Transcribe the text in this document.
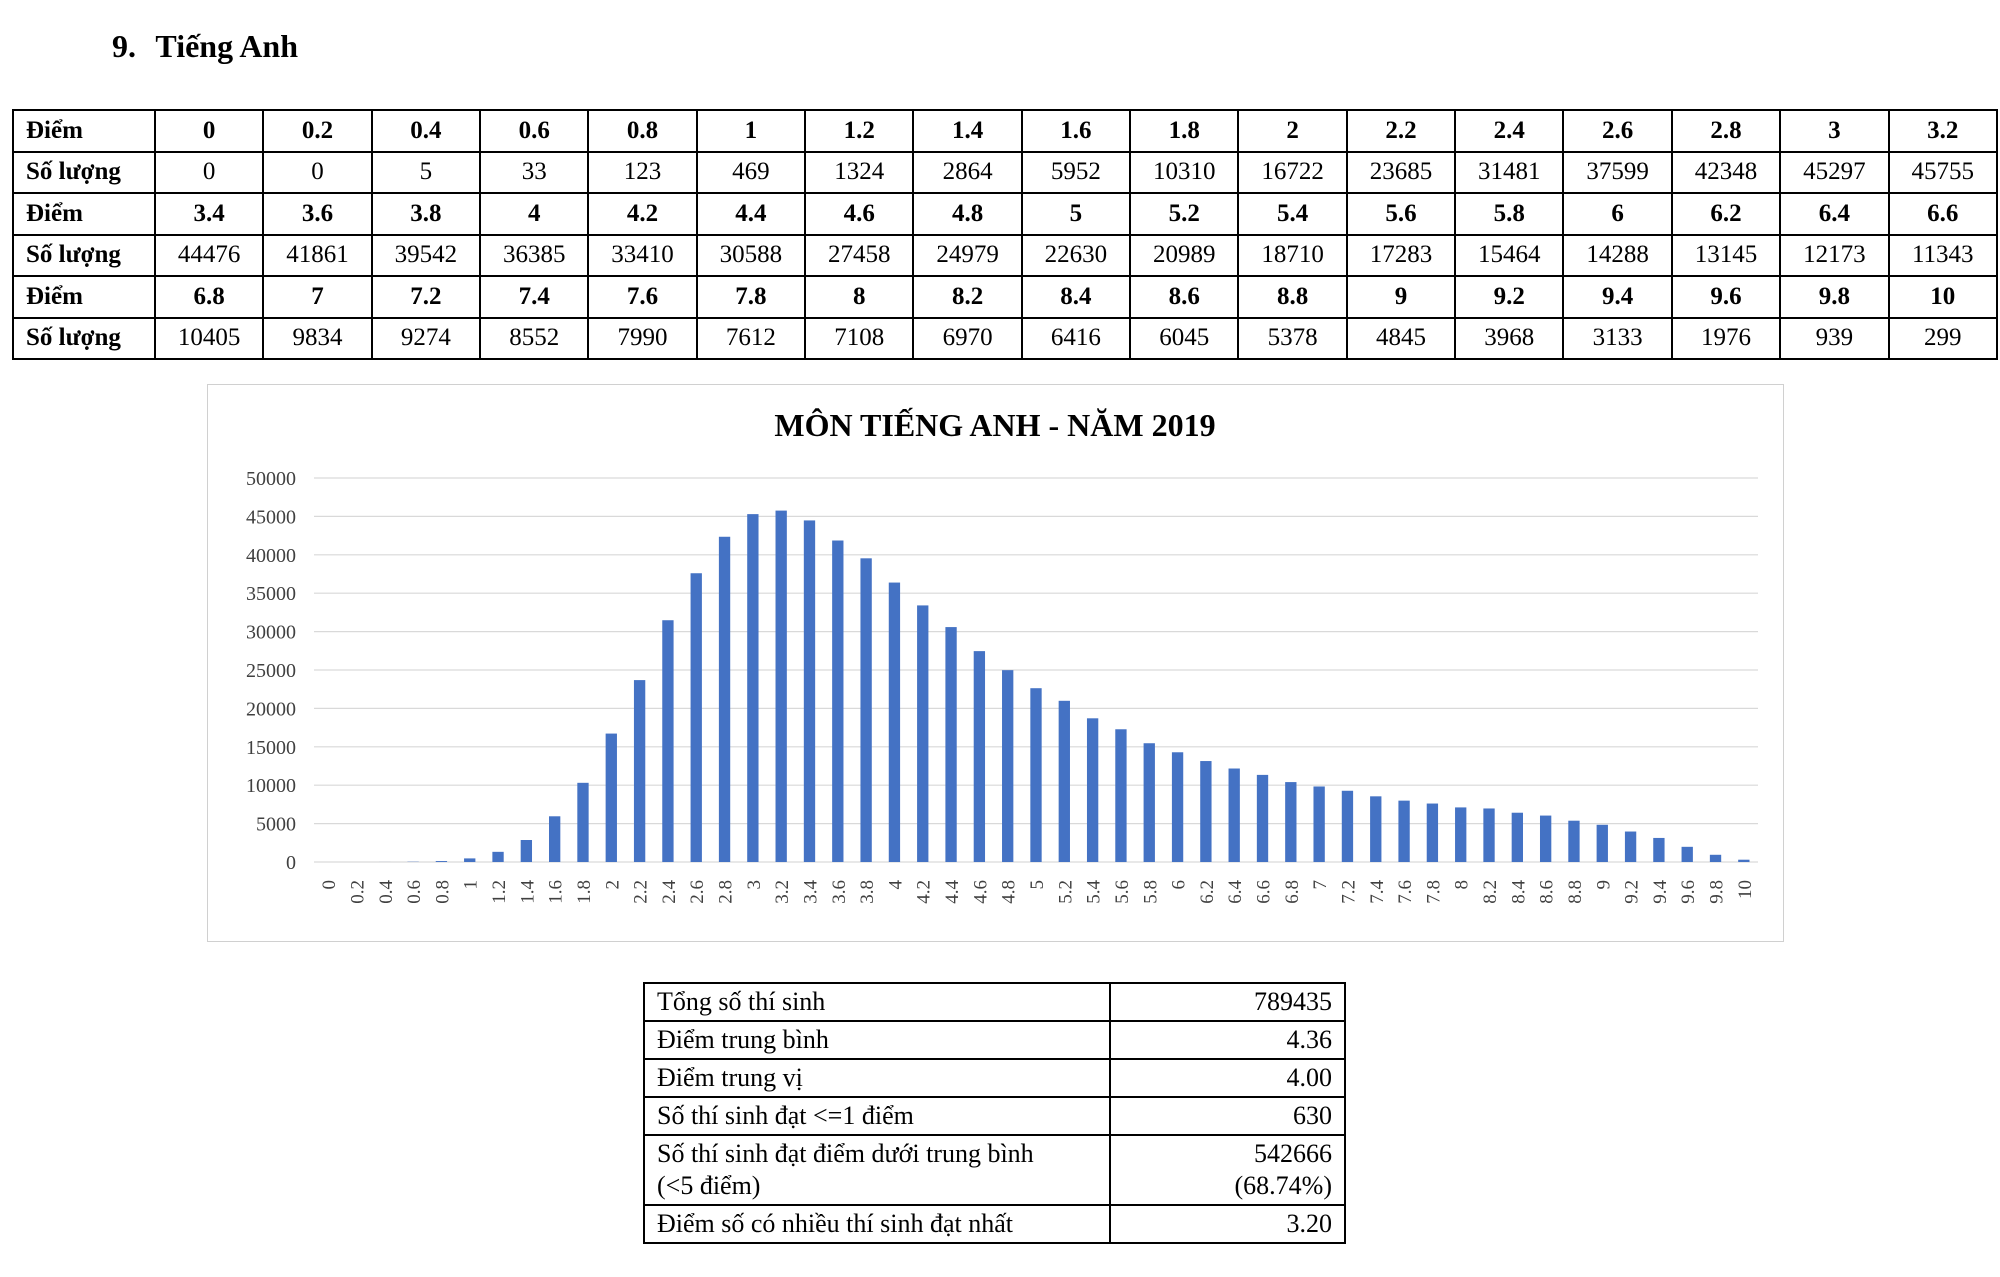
9. Tiếng Anh
Điểm	0	0.2	0.4	0.6	0.8	1	1.2	1.4	1.6	1.8	2	2.2	2.4	2.6	2.8	3	3.2
Số lượng	0	0	5	33	123	469	1324	2864	5952	10310	16722	23685	31481	37599	42348	45297	45755
Điểm	3.4	3.6	3.8	4	4.2	4.4	4.6	4.8	5	5.2	5.4	5.6	5.8	6	6.2	6.4	6.6
Số lượng	44476	41861	39542	36385	33410	30588	27458	24979	22630	20989	18710	17283	15464	14288	13145	12173	11343
Điểm	6.8	7	7.2	7.4	7.6	7.8	8	8.2	8.4	8.6	8.8	9	9.2	9.4	9.6	9.8	10
Số lượng	10405	9834	9274	8552	7990	7612	7108	6970	6416	6045	5378	4845	3968	3133	1976	939	299
MÔN TIẾNG ANH - NĂM 2019
0
5000
10000
15000
20000
25000
30000
35000
40000
45000
50000
0 0.2 0.4 0.6 0.8 1 1.2 1.4 1.6 1.8 2 2.2 2.4 2.6 2.8 3 3.2 3.4 3.6 3.8 4 4.2 4.4 4.6 4.8 5 5.2 5.4 5.6 5.8 6 6.2 6.4 6.6 6.8 7 7.2 7.4 7.6 7.8 8 8.2 8.4 8.6 8.8 9 9.2 9.4 9.6 9.8 10
Tổng số thí sinh	789435

Điểm trung bình	4.36

Điểm trung vị	4.00

Số thí sinh đạt <=1 điểm	630

Số thí sinh đạt điểm dưới trung bình
(<5 điểm)	542666
(68.74%)

Điểm số có nhiều thí sinh đạt nhất	3.20
